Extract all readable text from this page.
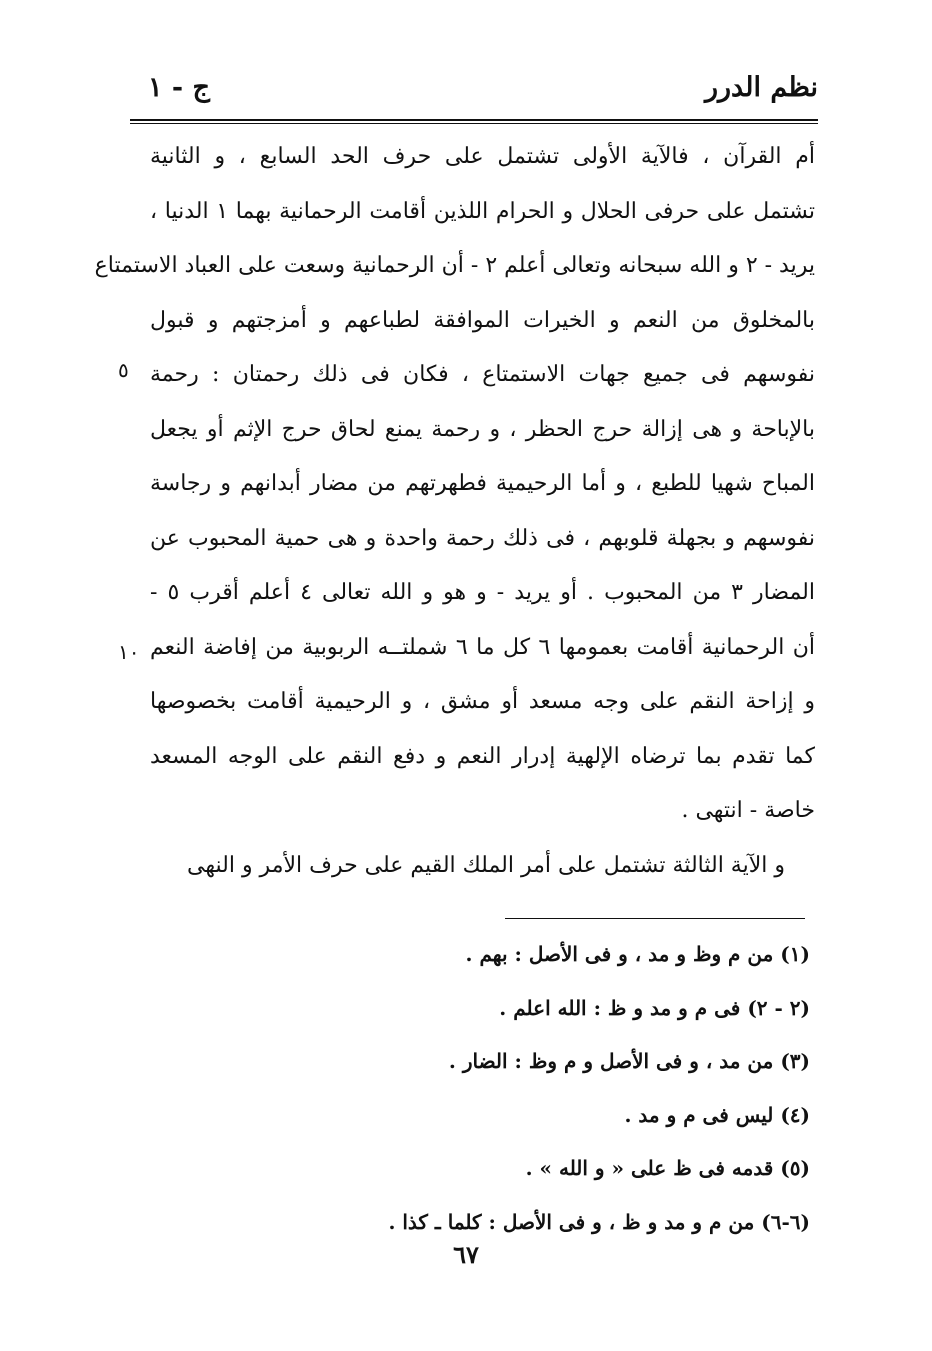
نظم الدرر
ج - ١
أم القرآن ، فالآية الأولى تشتمل على حرف الحد السابع ، و الثانية
تشتمل على حرفى الحلال و الحرام اللذين أقامت الرحمانية بهما ١ الدنيا ،
يريد - ٢ و الله سبحانه وتعالى أعلم ٢ - أن الرحمانية وسعت على العباد الاستمتاع
بالمخلوق من النعم و الخيرات الموافقة لطباعهم و أمزجتهم و قبول
نفوسهم فى جميع جهات الاستمتاع ، فكان فى ذلك رحمتان : رحمة
بالإباحة و هى إزالة حرج الحظر ، و رحمة يمنع لحاق حرج الإثم أو يجعل
المباح شهيا للطبع ، و أما الرحيمية فطهرتهم من مضار أبدانهم و رجاسة
نفوسهم و بجهلة قلوبهم ، فى ذلك رحمة واحدة و هى حمية المحبوب عن
المضار ٣ من المحبوب . أو يريد - و هو و الله تعالى ٤ أعلم أقرب ٥ -
أن الرحمانية أقامت بعمومها ٦ كل ما ٦ شملتــه الربوبية من إفاضة النعم
و إزاحة النقم على وجه مسعد أو مشق ، و الرحيمية أقامت بخصوصها
كما تقدم بما ترضاه الإلهية إدرار النعم و دفع النقم على الوجه المسعد
خاصة - انتهى .
و الآية الثالثة تشتمل على أمر الملك القيم على حرف الأمر و النهى
٥
١٠
(١) من م وظ و مد ، و فى الأصل : بهم .
(٢ - ٢) فى م و مد و ظ : الله اعلم .
(٣) من مد ، و فى الأصل و م وظ : الضار .
(٤) ليس فى م و مد .
(٥) قدمه فى ظ على « و الله » .
(٦-٦) من م و مد و ظ ، و فى الأصل : كلما ـ كذا .
٦٧
